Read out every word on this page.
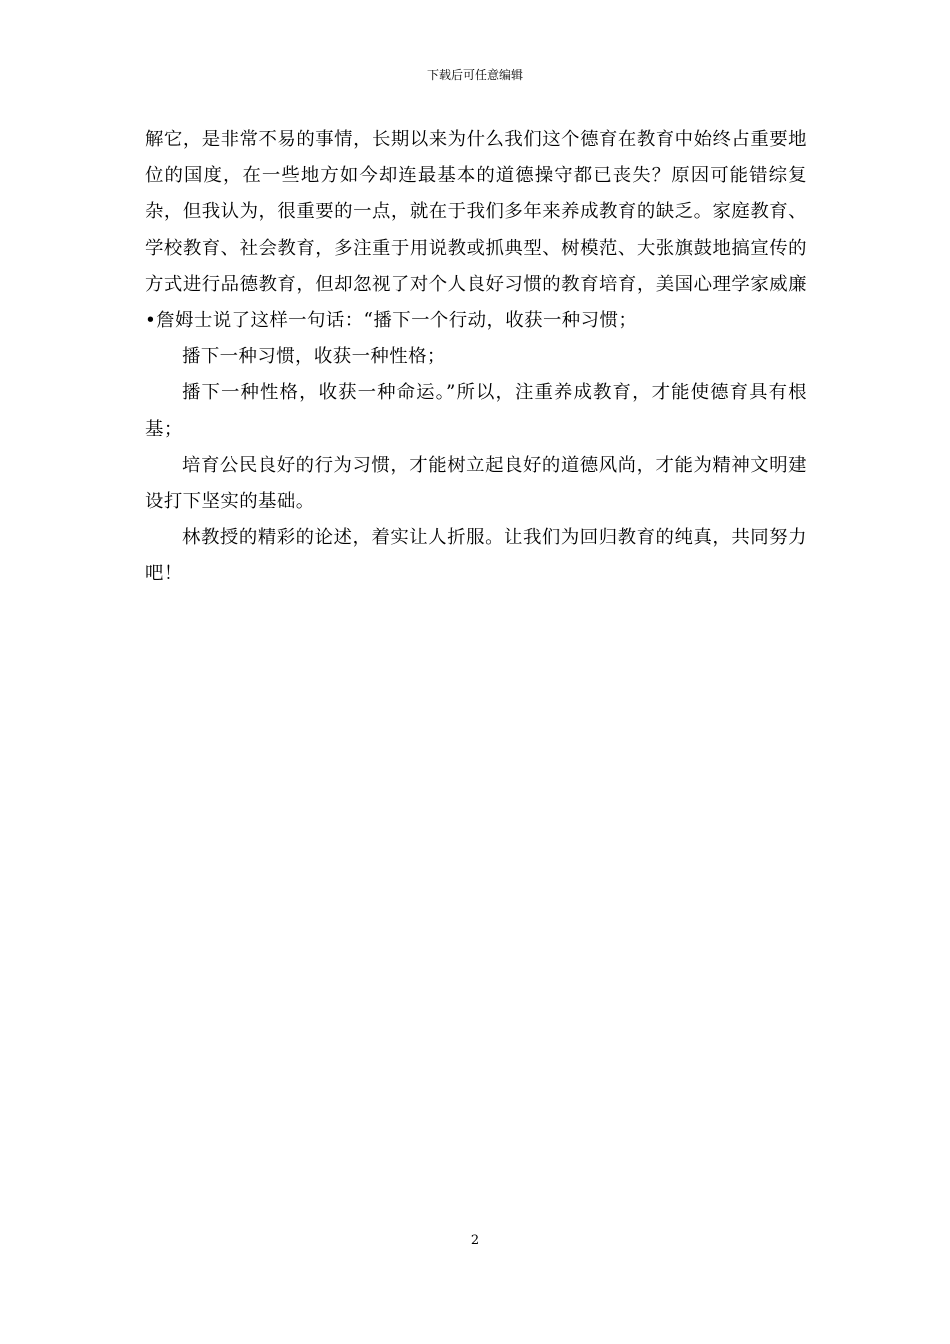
下载后可任意编辑

解它，是非常不易的事情，长期以来为什么我们这个德育在教育中始终占重要地位的国度，在一些地方如今却连最基本的道德操守都已丧失？原因可能错综复杂，但我认为，很重要的一点，就在于我们多年来养成教育的缺乏。家庭教育、学校教育、社会教育，多注重于用说教或抓典型、树模范、大张旗鼓地搞宣传的方式进行品德教育，但却忽视了对个人良好习惯的教育培育，美国心理学家威廉•詹姆士说了这样一句话：“播下一个行动，收获一种习惯；

播下一种习惯，收获一种性格；

播下一种性格，收获一种命运。”所以，注重养成教育，才能使德育具有根基；

培育公民良好的行为习惯，才能树立起良好的道德风尚，才能为精神文明建设打下坚实的基础。

林教授的精彩的论述，着实让人折服。让我们为回归教育的纯真，共同努力吧！

2
